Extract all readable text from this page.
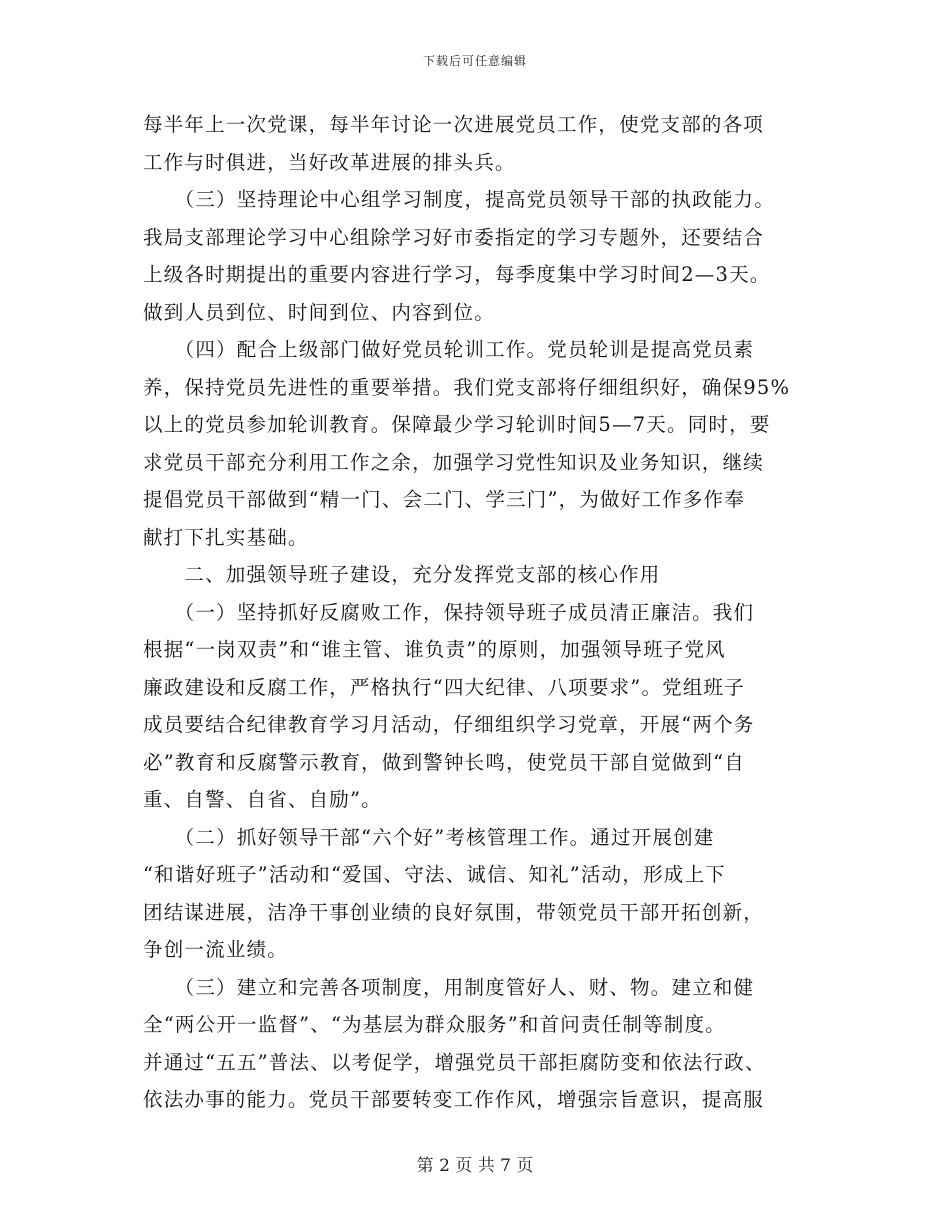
下载后可任意编辑
每半年上一次党课，每半年讨论一次进展党员工作，使党支部的各项
工作与时俱进，当好改革进展的排头兵。
　　（三）坚持理论中心组学习制度，提高党员领导干部的执政能力。
我局支部理论学习中心组除学习好市委指定的学习专题外，还要结合
上级各时期提出的重要内容进行学习，每季度集中学习时间2—3天。
做到人员到位、时间到位、内容到位。
　　（四）配合上级部门做好党员轮训工作。党员轮训是提高党员素
养，保持党员先进性的重要举措。我们党支部将仔细组织好，确保95%
以上的党员参加轮训教育。保障最少学习轮训时间5—7天。同时，要
求党员干部充分利用工作之余，加强学习党性知识及业务知识，继续
提倡党员干部做到“精一门、会二门、学三门”，为做好工作多作奉
献打下扎实基础。
　　二、加强领导班子建设，充分发挥党支部的核心作用
　　（一）坚持抓好反腐败工作，保持领导班子成员清正廉洁。我们
根据“一岗双责”和“谁主管、谁负责”的原则，加强领导班子党风
廉政建设和反腐工作，严格执行“四大纪律、八项要求”。党组班子
成员要结合纪律教育学习月活动，仔细组织学习党章，开展“两个务
必”教育和反腐警示教育，做到警钟长鸣，使党员干部自觉做到“自
重、自警、自省、自励”。
　　（二）抓好领导干部“六个好”考核管理工作。通过开展创建
“和谐好班子”活动和“爱国、守法、诚信、知礼”活动，形成上下
团结谋进展，洁净干事创业绩的良好氛围，带领党员干部开拓创新，
争创一流业绩。
　　（三）建立和完善各项制度，用制度管好人、财、物。建立和健
全“两公开一监督”、“为基层为群众服务”和首问责任制等制度。
并通过“五五”普法、以考促学，增强党员干部拒腐防变和依法行政、
依法办事的能力。党员干部要转变工作作风，增强宗旨意识，提高服
第 2 页 共 7 页
